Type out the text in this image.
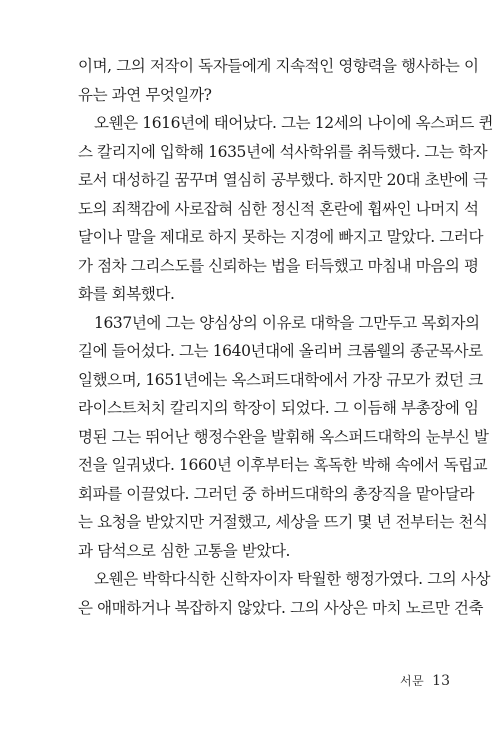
이며, 그의 저작이 독자들에게 지속적인 영향력을 행사하는 이
유는 과연 무엇일까?
오웬은 1616년에 태어났다. 그는 12세의 나이에 옥스퍼드 퀸
스 칼리지에 입학해 1635년에 석사학위를 취득했다. 그는 학자
로서 대성하길 꿈꾸며 열심히 공부했다. 하지만 20대 초반에 극
도의 죄책감에 사로잡혀 심한 정신적 혼란에 휩싸인 나머지 석
달이나 말을 제대로 하지 못하는 지경에 빠지고 말았다. 그러다
가 점차 그리스도를 신뢰하는 법을 터득했고 마침내 마음의 평
화를 회복했다.
1637년에 그는 양심상의 이유로 대학을 그만두고 목회자의
길에 들어섰다. 그는 1640년대에 올리버 크롬웰의 종군목사로
일했으며, 1651년에는 옥스퍼드대학에서 가장 규모가 컸던 크
라이스트처치 칼리지의 학장이 되었다. 그 이듬해 부총장에 임
명된 그는 뛰어난 행정수완을 발휘해 옥스퍼드대학의 눈부신 발
전을 일궈냈다. 1660년 이후부터는 혹독한 박해 속에서 독립교
회파를 이끌었다. 그러던 중 하버드대학의 총장직을 맡아달라
는 요청을 받았지만 거절했고, 세상을 뜨기 몇 년 전부터는 천식
과 담석으로 심한 고통을 받았다.
오웬은 박학다식한 신학자이자 탁월한 행정가였다. 그의 사상
은 애매하거나 복잡하지 않았다. 그의 사상은 마치 노르만 건축
서문 13
